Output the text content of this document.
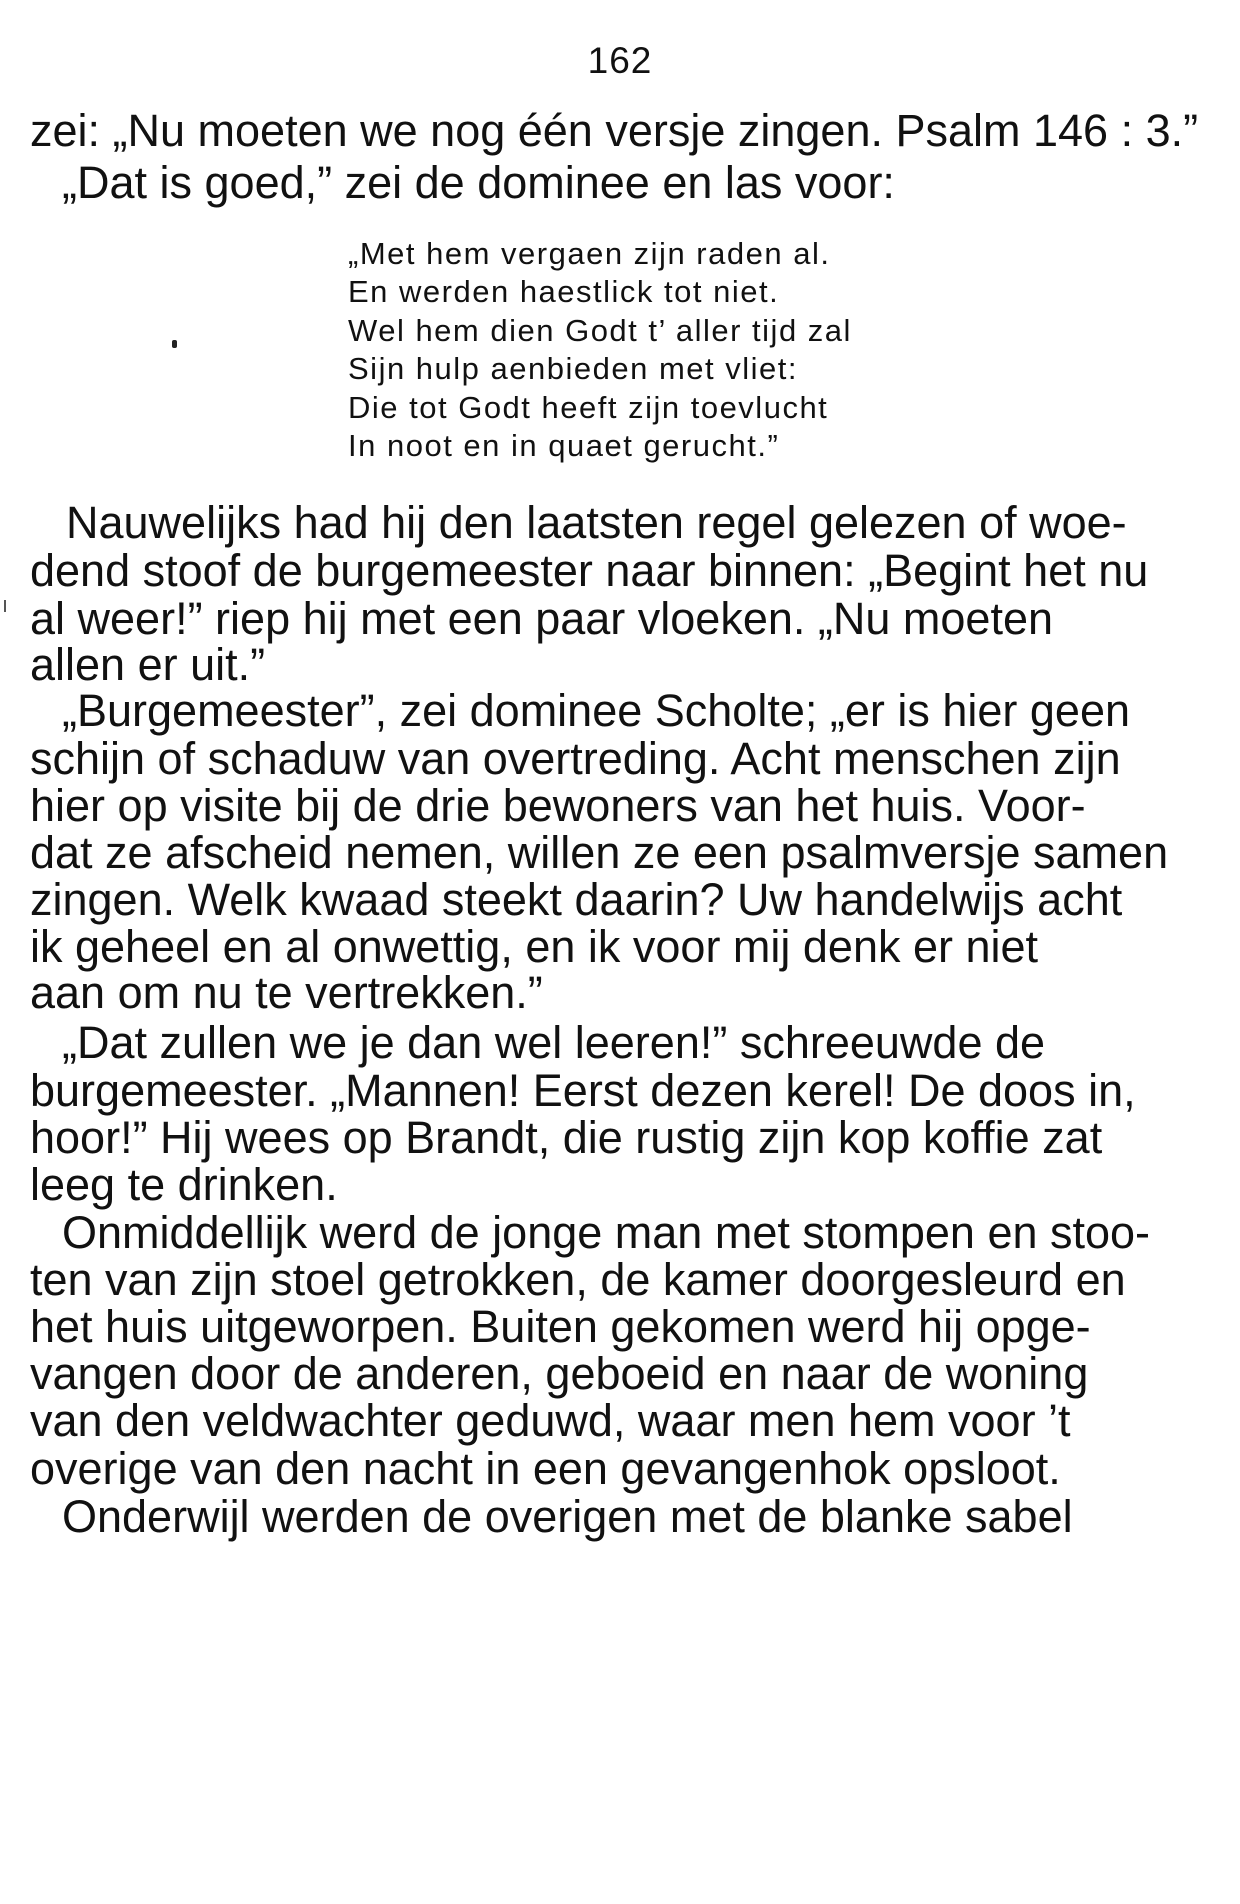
162
zei: „Nu moeten we nog één versje zingen. Psalm 146 : 3.”
„Dat is goed,” zei de dominee en las voor:
„Met hem vergaen zijn raden al.
En werden haestlick tot niet.
Wel hem dien Godt t’ aller tijd zal
Sijn hulp aenbieden met vliet:
Die tot Godt heeft zijn toevlucht
In noot en in quaet gerucht.”
Nauwelijks had hij den laatsten regel gelezen of woe-
dend stoof de burgemeester naar binnen: „Begint het nu
al weer!” riep hij met een paar vloeken. „Nu moeten
allen er uit.”
„Burgemeester”, zei dominee Scholte; „er is hier geen
schijn of schaduw van overtreding. Acht menschen zijn
hier op visite bij de drie bewoners van het huis. Voor-
dat ze afscheid nemen, willen ze een psalmversje samen
zingen. Welk kwaad steekt daarin? Uw handelwijs acht
ik geheel en al onwettig, en ik voor mij denk er niet
aan om nu te vertrekken.”
„Dat zullen we je dan wel leeren!” schreeuwde de
burgemeester. „Mannen! Eerst dezen kerel! De doos in,
hoor!” Hij wees op Brandt, die rustig zijn kop koffie zat
leeg te drinken.
Onmiddellijk werd de jonge man met stompen en stoo-
ten van zijn stoel getrokken, de kamer doorgesleurd en
het huis uitgeworpen. Buiten gekomen werd hij opge-
vangen door de anderen, geboeid en naar de woning
van den veldwachter geduwd, waar men hem voor ’t
overige van den nacht in een gevangenhok opsloot.
Onderwijl werden de overigen met de blanke sabel
